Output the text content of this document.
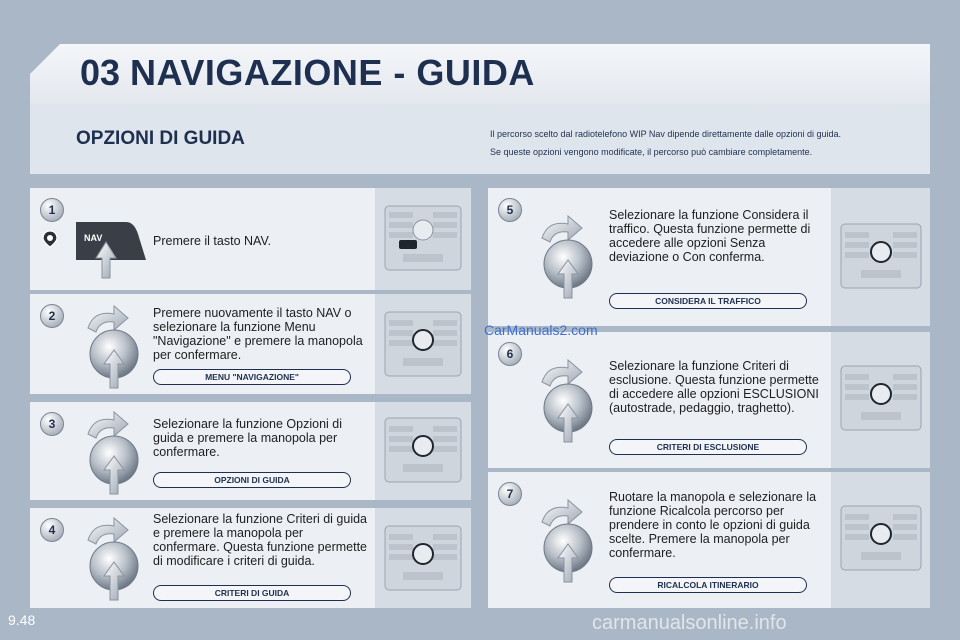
03 NAVIGAZIONE - GUIDA
OPZIONI DI GUIDA	Il percorso scelto dal radiotelefono WIP Nav dipende direttamente dalle opzioni di guida.
Se queste opzioni vengono modificate, il percorso può cambiare completamente.
1
NAV	Premere il tasto NAV.
2	Premere nuovamente il tasto NAV o selezionare la funzione Menu "Navigazione" e premere la manopola per confermare.
MENU "NAVIGAZIONE"
3	Selezionare la funzione Opzioni di guida e premere la manopola per confermare.
OPZIONI DI GUIDA
4
Selezionare la funzione Criteri di guida e premere la manopola per confermare. Questa funzione permette di modificare i criteri di guida.
CRITERI DI GUIDA
5	Selezionare la funzione Considera il traffico. Questa funzione permette di accedere alle opzioni Senza deviazione o Con conferma.
CONSIDERA IL TRAFFICO
6
Selezionare la funzione Criteri di esclusione. Questa funzione permette di accedere alle opzioni ESCLUSIONI (autostrade, pedaggio, traghetto).
CRITERI DI ESCLUSIONE
7	Ruotare la manopola e selezionare la funzione Ricalcola percorso per prendere in conto le opzioni di guida scelte. Premere la manopola per confermare.
RICALCOLA ITINERARIO
CarManuals2.com
9.48	carmanualsonline.info
